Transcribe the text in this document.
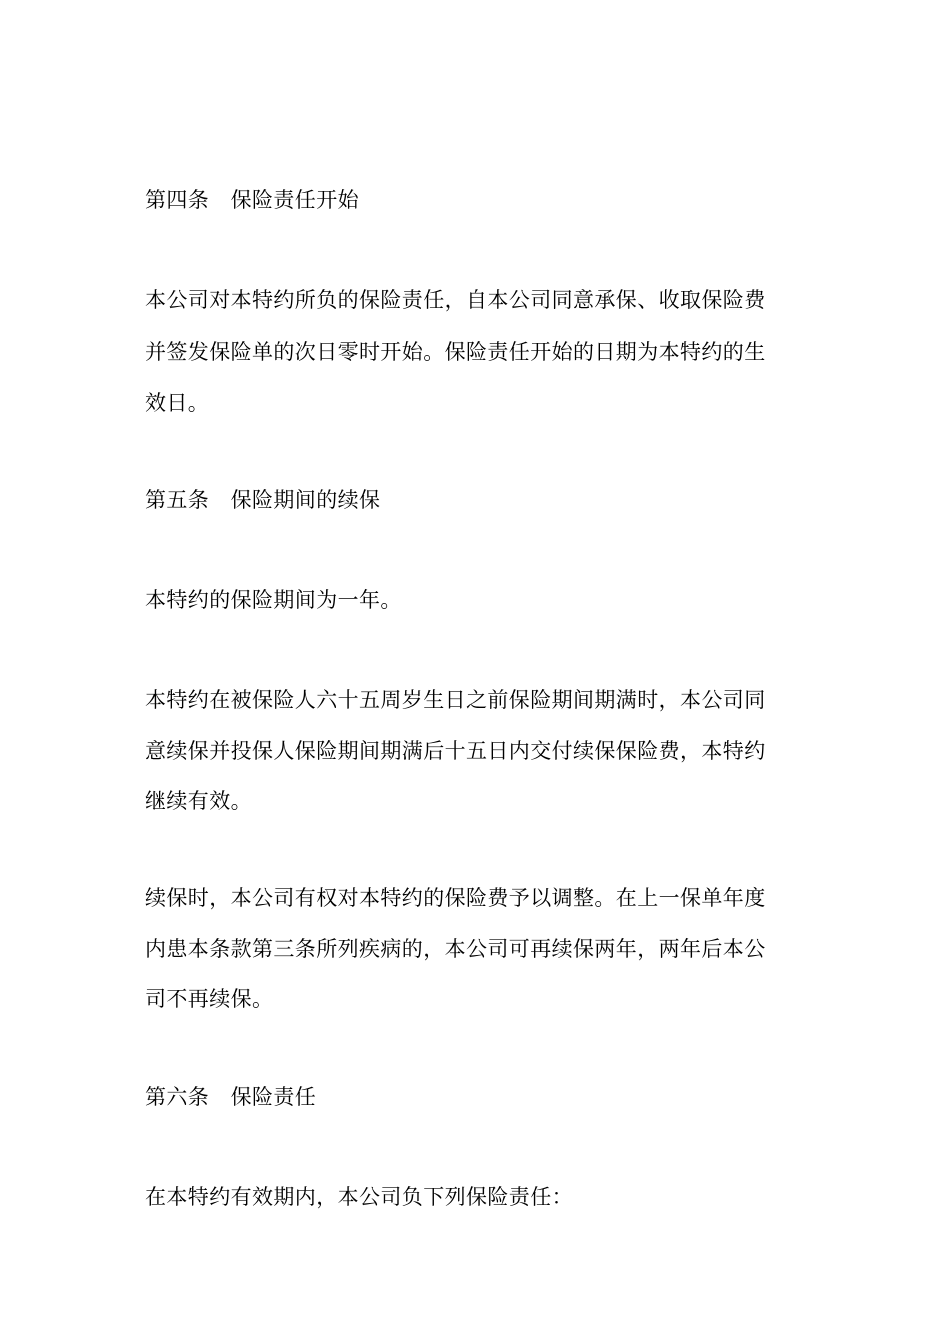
第四条　保险责任开始
本公司对本特约所负的保险责任，自本公司同意承保、收取保险费
并签发保险单的次日零时开始。保险责任开始的日期为本特约的生
效日。
第五条　保险期间的续保
本特约的保险期间为一年。
本特约在被保险人六十五周岁生日之前保险期间期满时，本公司同
意续保并投保人保险期间期满后十五日内交付续保保险费，本特约
继续有效。
续保时，本公司有权对本特约的保险费予以调整。在上一保单年度
内患本条款第三条所列疾病的，本公司可再续保两年，两年后本公
司不再续保。
第六条　保险责任
在本特约有效期内，本公司负下列保险责任：
